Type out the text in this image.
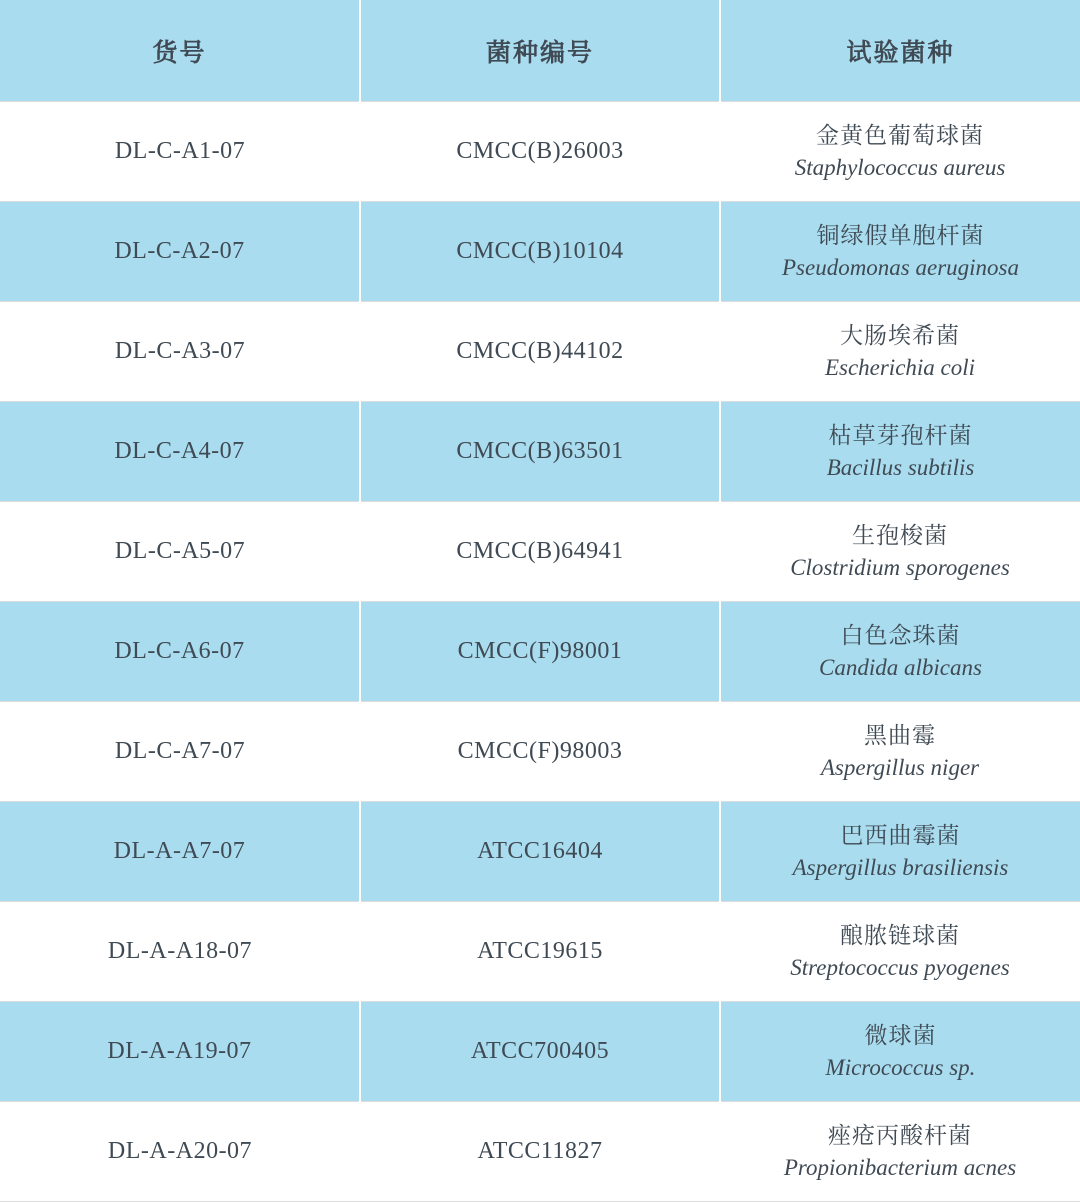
货号	菌种编号	试验菌种

DL-C-A1-07	CMCC(B)26003	金黄色葡萄球菌
Staphylococcus aureus

DL-C-A2-07	CMCC(B)10104	铜绿假单胞杆菌
Pseudomonas aeruginosa

DL-C-A3-07	CMCC(B)44102	大肠埃希菌
Escherichia coli

DL-C-A4-07	CMCC(B)63501	枯草芽孢杆菌
Bacillus subtilis

DL-C-A5-07	CMCC(B)64941	生孢梭菌
Clostridium sporogenes

DL-C-A6-07	CMCC(F)98001	白色念珠菌
Candida albicans

DL-C-A7-07	CMCC(F)98003	黑曲霉
Aspergillus niger

DL-A-A7-07	ATCC16404	巴西曲霉菌
Aspergillus brasiliensis

DL-A-A18-07	ATCC19615	酿脓链球菌
Streptococcus pyogenes

DL-A-A19-07	ATCC700405	微球菌
Micrococcus sp.

DL-A-A20-07	ATCC11827	痤疮丙酸杆菌
Propionibacterium acnes
